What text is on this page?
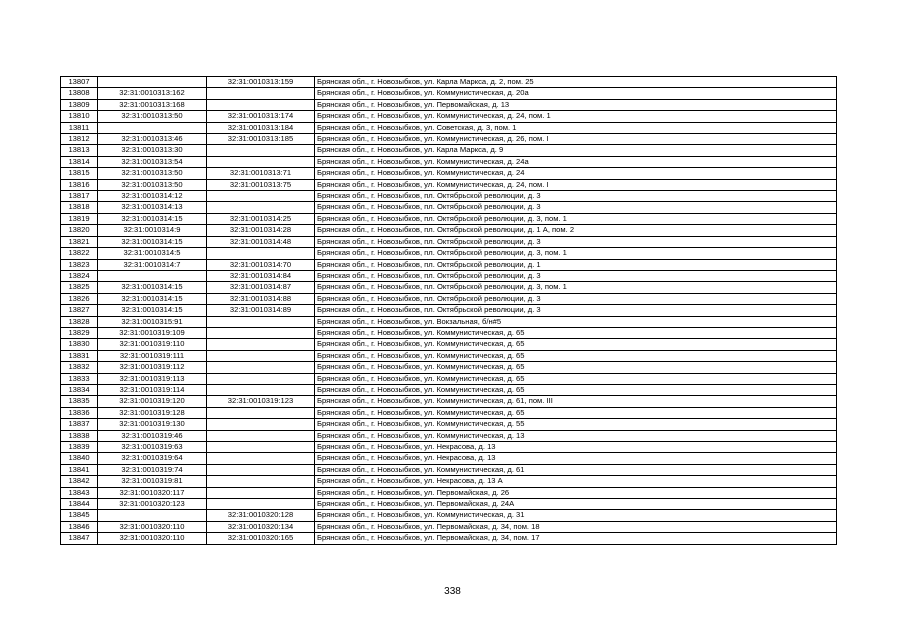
13807		32:31:0010313:159	Брянская обл., г. Новозыбков, ул. Карла Маркса, д. 2, пом. 25
13808	32:31:0010313:162		Брянская обл., г. Новозыбков, ул. Коммунистическая, д. 20а
13809	32:31:0010313:168		Брянская обл., г. Новозыбков, ул. Первомайская, д. 13
13810	32:31:0010313:50	32:31:0010313:174	Брянская обл., г. Новозыбков, ул. Коммунистическая, д. 24, пом. 1
13811		32:31:0010313:184	Брянская обл., г. Новозыбков, ул. Советская, д. 3, пом. 1
13812	32:31:0010313:46	32:31:0010313:185	Брянская обл., г. Новозыбков, ул. Коммунистическая, д. 26, пом. I
13813	32:31:0010313:30		Брянская обл., г. Новозыбков, ул. Карла Маркса, д. 9
13814	32:31:0010313:54		Брянская обл., г. Новозыбков, ул. Коммунистическая, д. 24а
13815	32:31:0010313:50	32:31:0010313:71	Брянская обл., г. Новозыбков, ул. Коммунистическая, д. 24
13816	32:31:0010313:50	32:31:0010313:75	Брянская обл., г. Новозыбков, ул. Коммунистическая, д. 24, пом. I
13817	32:31:0010314:12		Брянская обл., г. Новозыбков, пл. Октябрьской революции, д. 3
13818	32:31:0010314:13		Брянская обл., г. Новозыбков, пл. Октябрьской революции, д. 3
13819	32:31:0010314:15	32:31:0010314:25	Брянская обл., г. Новозыбков, пл. Октябрьской революции, д. 3, пом. 1
13820	32:31:0010314:9	32:31:0010314:28	Брянская обл., г. Новозыбков, пл. Октябрьской революции, д. 1 А, пом. 2
13821	32:31:0010314:15	32:31:0010314:48	Брянская обл., г. Новозыбков, пл. Октябрьской революции, д. 3
13822	32:31:0010314:5		Брянская обл., г. Новозыбков, пл. Октябрьской революции, д. 3, пом. 1
13823	32:31:0010314:7	32:31:0010314:70	Брянская обл., г. Новозыбков, пл. Октябрьской революции, д. 1
13824		32:31:0010314:84	Брянская обл., г. Новозыбков, пл. Октябрьской революции, д. 3
13825	32:31:0010314:15	32:31:0010314:87	Брянская обл., г. Новозыбков, пл. Октябрьской революции, д. 3, пом. 1
13826	32:31:0010314:15	32:31:0010314:88	Брянская обл., г. Новозыбков, пл. Октябрьской революции, д. 3
13827	32:31:0010314:15	32:31:0010314:89	Брянская обл., г. Новозыбков, пл. Октябрьской революции, д. 3
13828	32:31:0010315:91		Брянская обл., г. Новозыбков, ул. Вокзальная, б/н#5
13829	32:31:0010319:109		Брянская обл., г. Новозыбков, ул. Коммунистическая, д. 65
13830	32:31:0010319:110		Брянская обл., г. Новозыбков, ул. Коммунистическая, д. 65
13831	32:31:0010319:111		Брянская обл., г. Новозыбков, ул. Коммунистическая, д. 65
13832	32:31:0010319:112		Брянская обл., г. Новозыбков, ул. Коммунистическая, д. 65
13833	32:31:0010319:113		Брянская обл., г. Новозыбков, ул. Коммунистическая, д. 65
13834	32:31:0010319:114		Брянская обл., г. Новозыбков, ул. Коммунистическая, д. 65
13835	32:31:0010319:120	32:31:0010319:123	Брянская обл., г. Новозыбков, ул. Коммунистическая, д. 61, пом. III
13836	32:31:0010319:128		Брянская обл., г. Новозыбков, ул. Коммунистическая, д. 65
13837	32:31:0010319:130		Брянская обл., г. Новозыбков, ул. Коммунистическая, д. 55
13838	32:31:0010319:46		Брянская обл., г. Новозыбков, ул. Коммунистическая, д. 13
13839	32:31:0010319:63		Брянская обл., г. Новозыбков, ул. Некрасова, д. 13
13840	32:31:0010319:64		Брянская обл., г. Новозыбков, ул. Некрасова, д. 13
13841	32:31:0010319:74		Брянская обл., г. Новозыбков, ул. Коммунистическая, д. 61
13842	32:31:0010319:81		Брянская обл., г. Новозыбков, ул. Некрасова, д. 13 А
13843	32:31:0010320:117		Брянская обл., г. Новозыбков, ул. Первомайская, д. 26
13844	32:31:0010320:123		Брянская обл., г. Новозыбков, ул. Первомайская, д. 24А
13845		32:31:0010320:128	Брянская обл., г. Новозыбков, ул. Коммунистическая, д. 31
13846	32:31:0010320:110	32:31:0010320:134	Брянская обл., г. Новозыбков, ул. Первомайская, д. 34, пом. 18
13847	32:31:0010320:110	32:31:0010320:165	Брянская обл., г. Новозыбков, ул. Первомайская, д. 34, пом. 17
338
